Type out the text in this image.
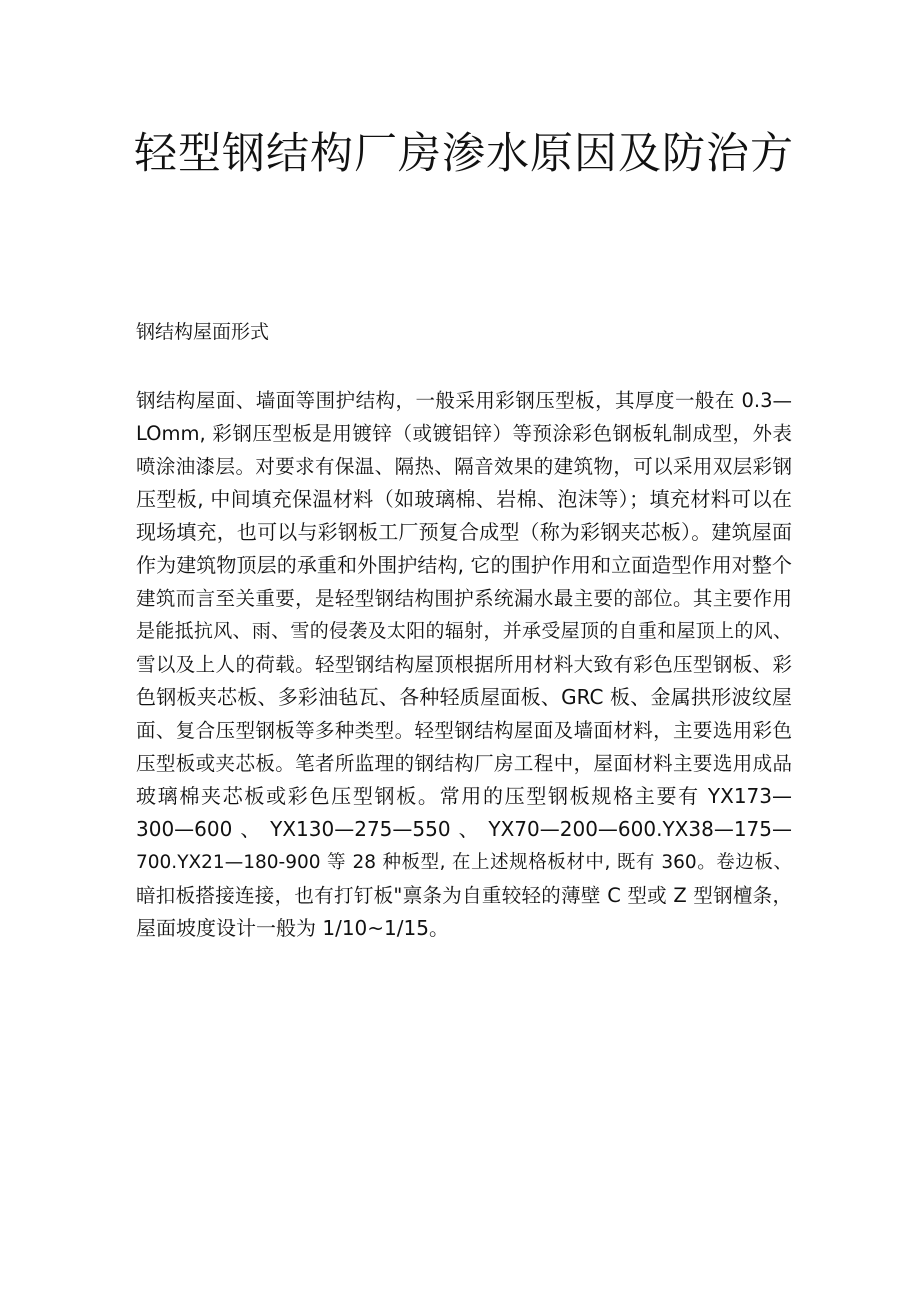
轻型钢结构厂房渗水原因及防治方
钢结构屋面形式
钢结构屋面、墙面等围护结构，一般采用彩钢压型板，其厚度一般在 0.3—
LOmm, 彩钢压型板是用镀锌（或镀铝锌）等预涂彩色钢板轧制成型，外表
喷涂油漆层。对要求有保温、隔热、隔音效果的建筑物，可以采用双层彩钢
压型板, 中间填充保温材料（如玻璃棉、岩棉、泡沫等）；填充材料可以在
现场填充，也可以与彩钢板工厂预复合成型（称为彩钢夹芯板）。建筑屋面
作为建筑物顶层的承重和外围护结构, 它的围护作用和立面造型作用对整个
建筑而言至关重要，是轻型钢结构围护系统漏水最主要的部位。其主要作用
是能抵抗风、雨、雪的侵袭及太阳的辐射，并承受屋顶的自重和屋顶上的风、
雪以及上人的荷载。轻型钢结构屋顶根据所用材料大致有彩色压型钢板、彩
色钢板夹芯板、多彩油毡瓦、各种轻质屋面板、GRC 板、金属拱形波纹屋
面、复合压型钢板等多种类型。轻型钢结构屋面及墙面材料，主要选用彩色
压型板或夹芯板。笔者所监理的钢结构厂房工程中，屋面材料主要选用成品
玻璃棉夹芯板或彩色压型钢板。常用的压型钢板规格主要有 YX173—
300—600 、 YX130—275—550 、 YX70—200—600.YX38—175—
700.YX21—180-900 等 28 种板型, 在上述规格板材中, 既有 360。卷边板、
暗扣板搭接连接，也有打钉板"禀条为自重较轻的薄壁 C 型或 Z 型钢檀条，
屋面坡度设计一般为 1/10~1/15。
